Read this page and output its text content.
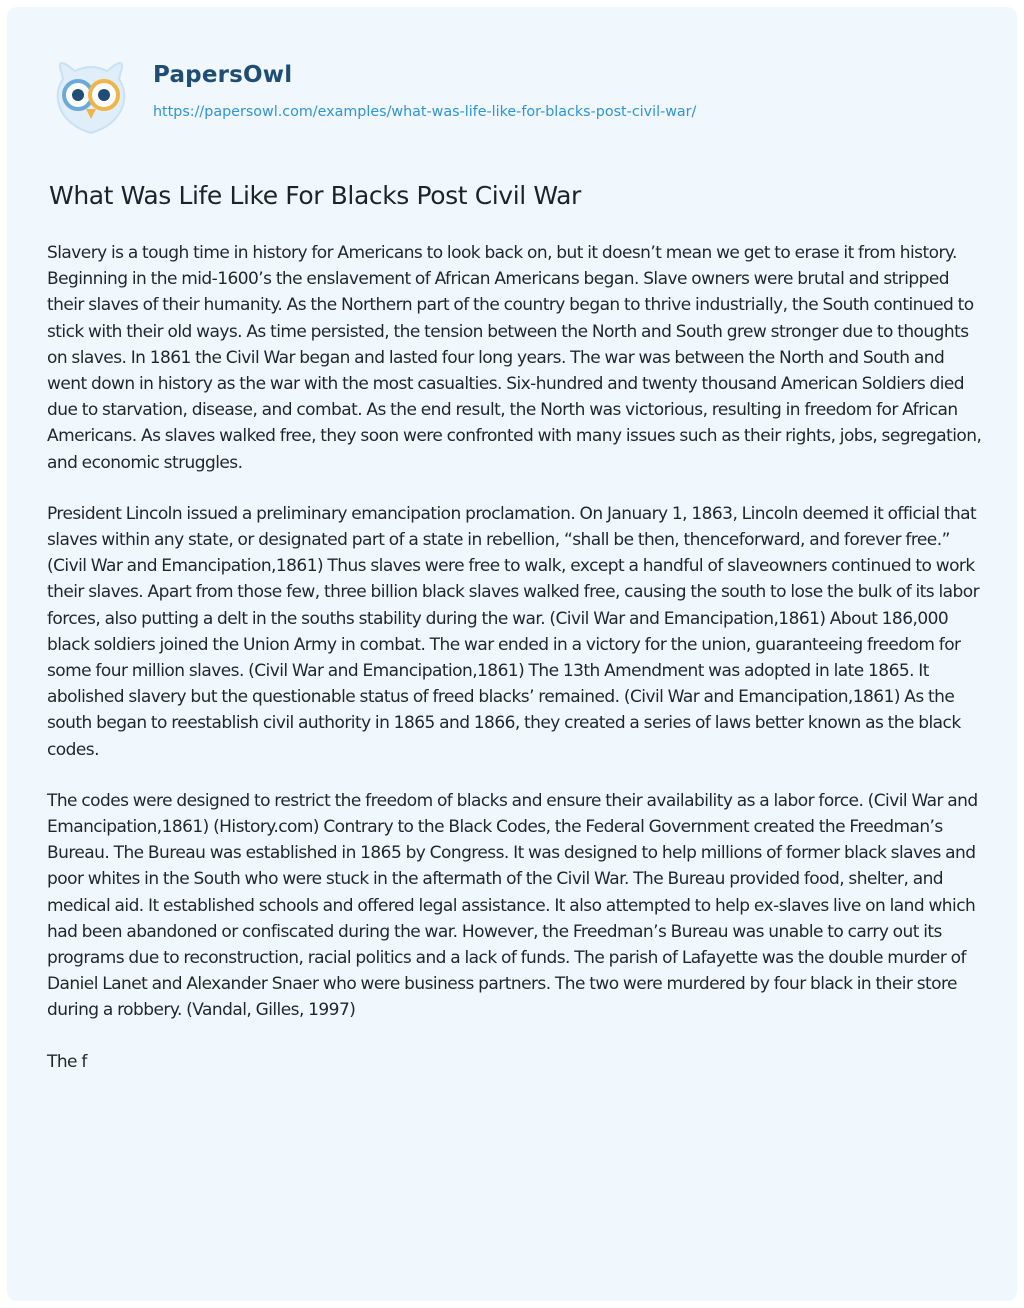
PapersOwl
https://papersowl.com/examples/what-was-life-like-for-blacks-post-civil-war/
What Was Life Like For Blacks Post Civil War

Slavery is a tough time in history for Americans to look back on, but it doesn’t mean we get to erase it from history. Beginning in the mid-1600’s the enslavement of African Americans began. Slave owners were brutal and stripped their slaves of their humanity. As the Northern part of the country began to thrive industrially, the South continued to stick with their old ways. As time persisted, the tension between the North and South grew stronger due to thoughts on slaves. In 1861 the Civil War began and lasted four long years. The war was between the North and South and went down in history as the war with the most casualties. Six-hundred and twenty thousand American Soldiers died due to starvation, disease, and combat. As the end result, the North was victorious, resulting in freedom for African Americans. As slaves walked free, they soon were confronted with many issues such as their rights, jobs, segregation, and economic struggles.

President Lincoln issued a preliminary emancipation proclamation. On January 1, 1863, Lincoln deemed it official that slaves within any state, or designated part of a state in rebellion, “shall be then, thenceforward, and forever free.” (Civil War and Emancipation,1861) Thus slaves were free to walk, except a handful of slaveowners continued to work their slaves. Apart from those few, three billion black slaves walked free, causing the south to lose the bulk of its labor forces, also putting a delt in the souths stability during the war. (Civil War and Emancipation,1861) About 186,000 black soldiers joined the Union Army in combat. The war ended in a victory for the union, guaranteeing freedom for some four million slaves. (Civil War and Emancipation,1861) The 13th Amendment was adopted in late 1865. It abolished slavery but the questionable status of freed blacks’ remained. (Civil War and Emancipation,1861) As the south began to reestablish civil authority in 1865 and 1866, they created a series of laws better known as the black codes.

The codes were designed to restrict the freedom of blacks and ensure their availability as a labor force. (Civil War and Emancipation,1861) (History.com) Contrary to the Black Codes, the Federal Government created the Freedman’s Bureau. The Bureau was established in 1865 by Congress. It was designed to help millions of former black slaves and poor whites in the South who were stuck in the aftermath of the Civil War. The Bureau provided food, shelter, and medical aid. It established schools and offered legal assistance. It also attempted to help ex-slaves live on land which had been abandoned or confiscated during the war. However, the Freedman’s Bureau was unable to carry out its programs due to reconstruction, racial politics and a lack of funds. The parish of Lafayette was the double murder of Daniel Lanet and Alexander Snaer who were business partners. The two were murdered by four black in their store during a robbery. (Vandal, Gilles, 1997)

The f
